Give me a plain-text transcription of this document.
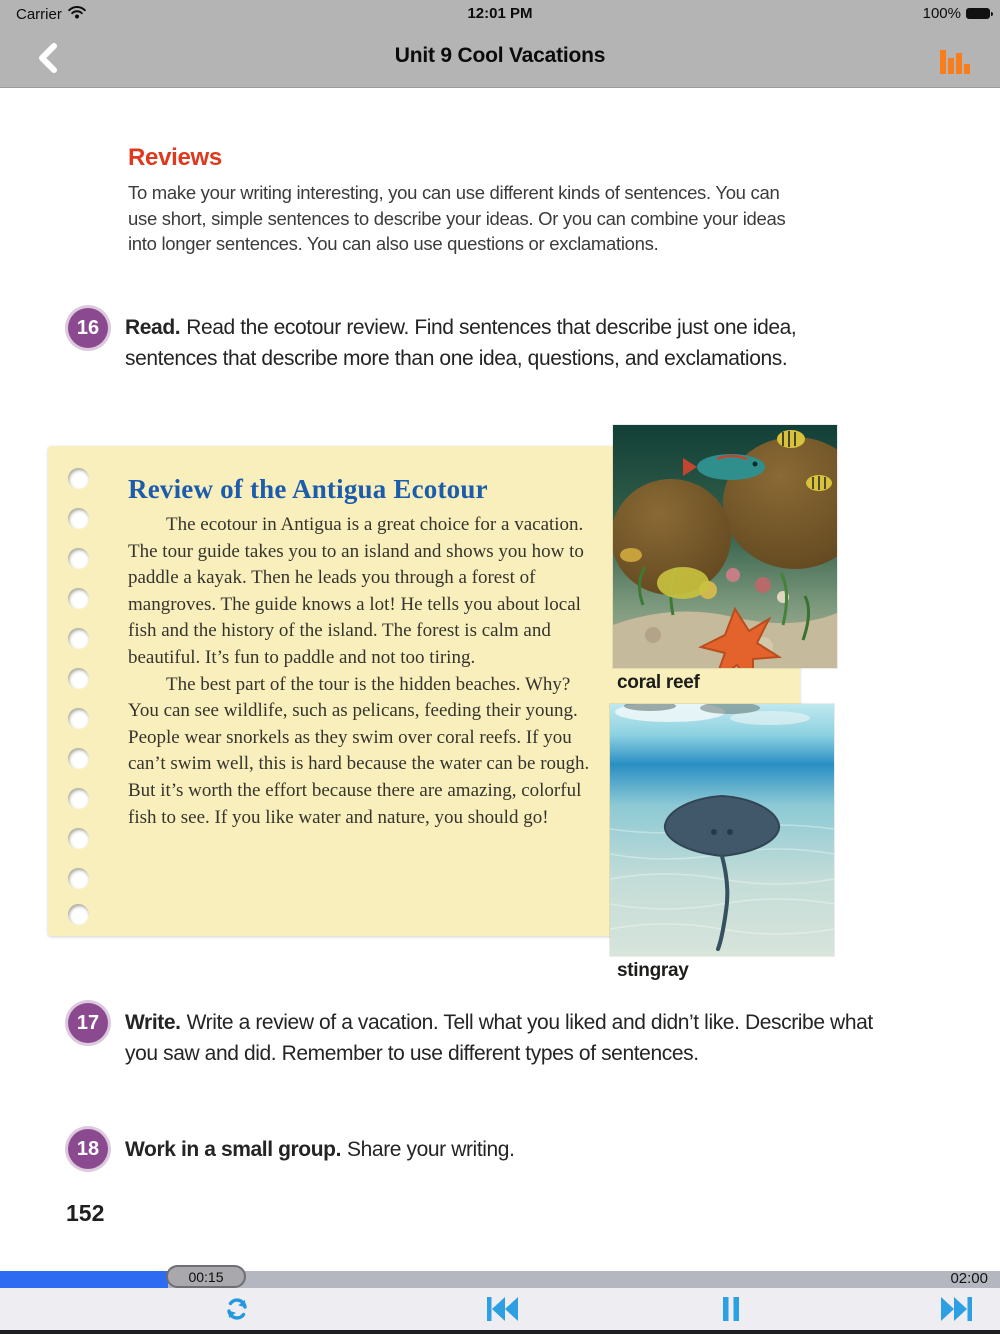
Carrier	12:01 PM	100%
Unit 9 Cool Vacations
Reviews
To make your writing interesting, you can use different kinds of sentences. You can use short, simple sentences to describe your ideas. Or you can combine your ideas into longer sentences. You can also use questions or exclamations.
16	Read. Read the ecotour review. Find sentences that describe just one idea, sentences that describe more than one idea, questions, and exclamations.
Review of the Antigua Ecotour

The ecotour in Antigua is a great choice for a vacation. The tour guide takes you to an island and shows you how to paddle a kayak. Then he leads you through a forest of mangroves. The guide knows a lot! He tells you about local fish and the history of the island. The forest is calm and beautiful. It’s fun to paddle and not too tiring.

The best part of the tour is the hidden beaches. Why? You can see wildlife, such as pelicans, feeding their young. People wear snorkels as they swim over coral reefs. If you can’t swim well, this is hard because the water can be rough. But it’s worth the effort because there are amazing, colorful fish to see. If you like water and nature, you should go!

coral reef
stingray
17	Write. Write a review of a vacation. Tell what you liked and didn’t like. Describe what you saw and did. Remember to use different types of sentences.
18	Work in a small group. Share your writing.
152
00:15	02:00
